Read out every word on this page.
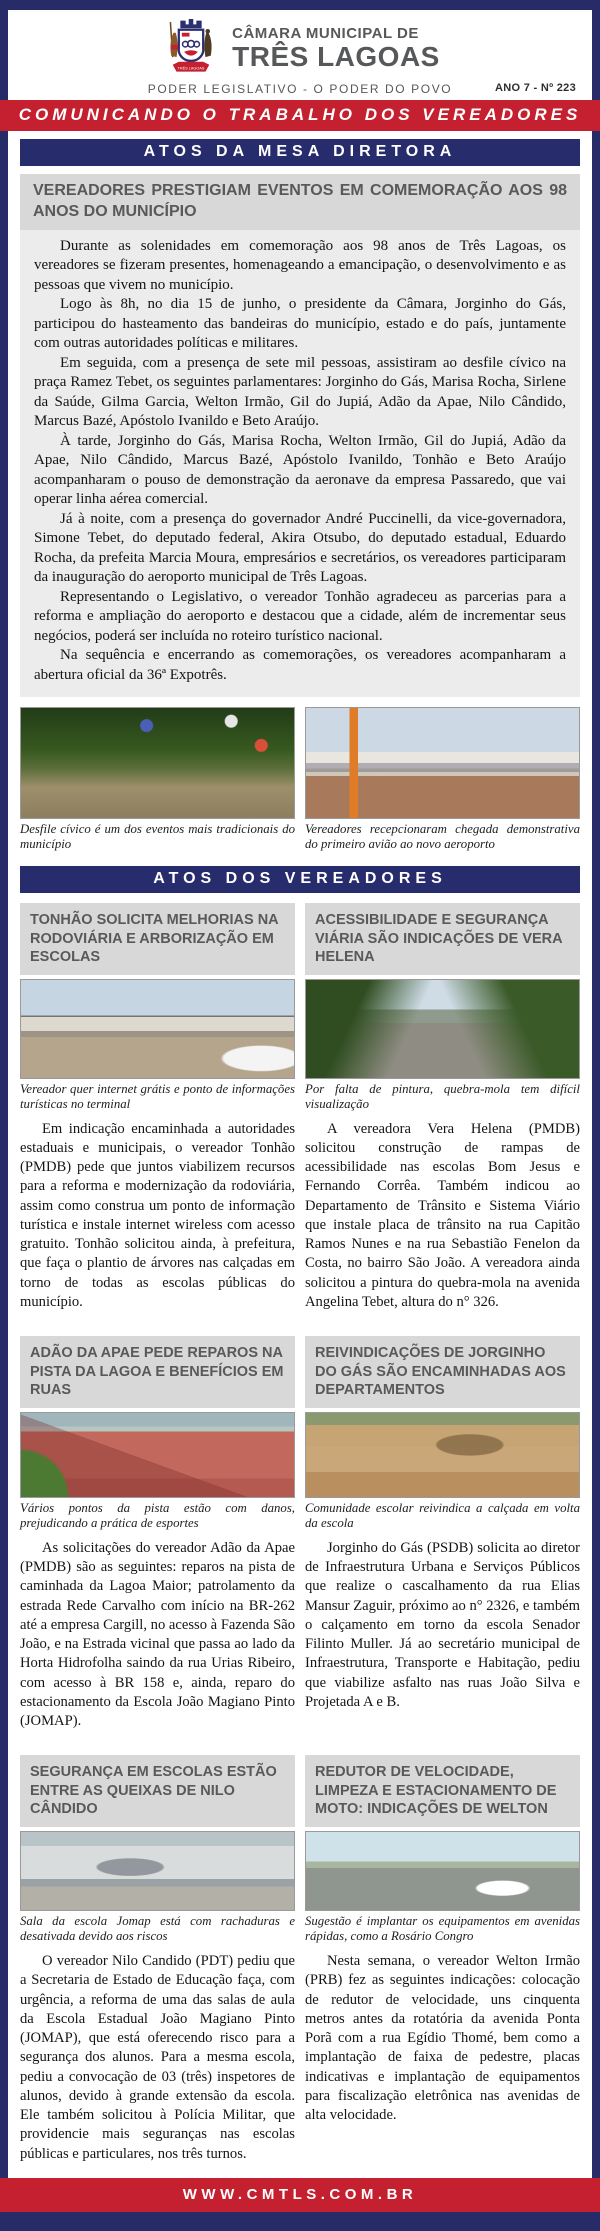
TRÊS LAGOAS
CÂMARA MUNICIPAL DE
TRÊS LAGOAS
PODER LEGISLATIVO - O PODER DO POVO	ANO 7 - Nº 223
COMUNICANDO O TRABALHO DOS VEREADORES
ATOS DA MESA DIRETORA
VEREADORES PRESTIGIAM EVENTOS EM COMEMORAÇÃO AOS 98 ANOS DO MUNICÍPIO

Durante as solenidades em comemoração aos 98 anos de Três Lagoas, os vereadores se fizeram presentes, homenageando a emancipação, o desenvolvimento e as pessoas que vivem no município.

Logo às 8h, no dia 15 de junho, o presidente da Câmara, Jorginho do Gás, participou do hasteamento das bandeiras do município, estado e do país, juntamente com outras autoridades políticas e militares.

Em seguida, com a presença de sete mil pessoas, assistiram ao desfile cívico na praça Ramez Tebet, os seguintes parlamentares: Jorginho do Gás, Marisa Rocha, Sirlene da Saúde, Gilma Garcia, Welton Irmão, Gil do Jupiá, Adão da Apae, Nilo Cândido, Marcus Bazé, Apóstolo Ivanildo e Beto Araújo.

À tarde, Jorginho do Gás, Marisa Rocha, Welton Irmão, Gil do Jupiá, Adão da Apae, Nilo Cândido, Marcus Bazé, Apóstolo Ivanildo, Tonhão e Beto Araújo acompanharam o pouso de demonstração da aeronave da empresa Passaredo, que vai operar linha aérea comercial.

Já à noite, com a presença do governador André Puccinelli, da vice-governadora, Simone Tebet, do deputado federal, Akira Otsubo, do deputado estadual, Eduardo Rocha, da prefeita Marcia Moura, empresários e secretários, os vereadores participaram da inauguração do aeroporto municipal de Três Lagoas.

Representando o Legislativo, o vereador Tonhão agradeceu as parcerias para a reforma e ampliação do aeroporto e destacou que a cidade, além de incrementar seus negócios, poderá ser incluída no roteiro turístico nacional.

Na sequência e encerrando as comemorações, os vereadores acompanharam a abertura oficial da 36ª Expotrês.

Desfile cívico é um dos eventos mais tradicionais do município
Vereadores recepcionaram chegada demonstrativa do primeiro avião ao novo aeroporto
ATOS DOS VEREADORES
TONHÃO SOLICITA MELHORIAS NA RODOVIÁRIA E ARBORIZAÇÃO EM ESCOLAS
Vereador quer internet grátis e ponto de informações turísticas no terminal

Em indicação encaminhada a autoridades estaduais e municipais, o vereador Tonhão (PMDB) pede que juntos viabilizem recursos para a reforma e modernização da rodoviária, assim como construa um ponto de informação turística e instale internet wireless com acesso gratuito. Tonhão solicitou ainda, à prefeitura, que faça o plantio de árvores nas calçadas em torno de todas as escolas públicas do município.

ACESSIBILIDADE E SEGURANÇA VIÁRIA SÃO INDICAÇÕES DE VERA HELENA
Por falta de pintura, quebra-mola tem difícil visualização

A vereadora Vera Helena (PMDB) solicitou construção de rampas de acessibilidade nas escolas Bom Jesus e Fernando Corrêa. Também indicou ao Departamento de Trânsito e Sistema Viário que instale placa de trânsito na rua Capitão Ramos Nunes e na rua Sebastião Fenelon da Costa, no bairro São João. A vereadora ainda solicitou a pintura do quebra-mola na avenida Angelina Tebet, altura do n° 326.

ADÃO DA APAE PEDE REPAROS NA PISTA DA LAGOA E BENEFÍCIOS EM RUAS
Vários pontos da pista estão com danos, prejudicando a prática de esportes

As solicitações do vereador Adão da Apae (PMDB) são as seguintes: reparos na pista de caminhada da Lagoa Maior; patrolamento da estrada Rede Carvalho com início na BR-262 até a empresa Cargill, no acesso à Fazenda São João, e na Estrada vicinal que passa ao lado da Horta Hidrofolha saindo da rua Urias Ribeiro, com acesso à BR 158 e, ainda, reparo do estacionamento da Escola João Magiano Pinto (JOMAP).

REIVINDICAÇÕES DE JORGINHO DO GÁS SÃO ENCAMINHADAS AOS DEPARTAMENTOS
Comunidade escolar reivindica a calçada em volta da escola

Jorginho do Gás (PSDB) solicita ao diretor de Infraestrutura Urbana e Serviços Públicos que realize o cascalhamento da rua Elias Mansur Zaguir, próximo ao n° 2326, e também o calçamento em torno da escola Senador Filinto Muller. Já ao secretário municipal de Infraestrutura, Transporte e Habitação, pediu que viabilize asfalto nas ruas João Silva e Projetada A e B.

SEGURANÇA EM ESCOLAS ESTÃO ENTRE AS QUEIXAS DE NILO CÂNDIDO
Sala da escola Jomap está com rachaduras e desativada devido aos riscos

O vereador Nilo Candido (PDT) pediu que a Secretaria de Estado de Educação faça, com urgência, a reforma de uma das salas de aula da Escola Estadual João Magiano Pinto (JOMAP), que está oferecendo risco para a segurança dos alunos. Para a mesma escola, pediu a convocação de 03 (três) inspetores de alunos, devido à grande extensão da escola. Ele também solicitou à Polícia Militar, que providencie mais seguranças nas escolas públicas e particulares, nos três turnos.

REDUTOR DE VELOCIDADE, LIMPEZA E ESTACIONAMENTO DE MOTO: INDICAÇÕES DE WELTON
Sugestão é implantar os equipamentos em avenidas rápidas, como a Rosário Congro

Nesta semana, o vereador Welton Irmão (PRB) fez as seguintes indicações: colocação de redutor de velocidade, uns cinquenta metros antes da rotatória da avenida Ponta Porã com a rua Egídio Thomé, bem como a implantação de faixa de pedestre, placas indicativas e implantação de equipamentos para fiscalização eletrônica nas avenidas de alta velocidade.

WWW.CMTLS.COM.BR
